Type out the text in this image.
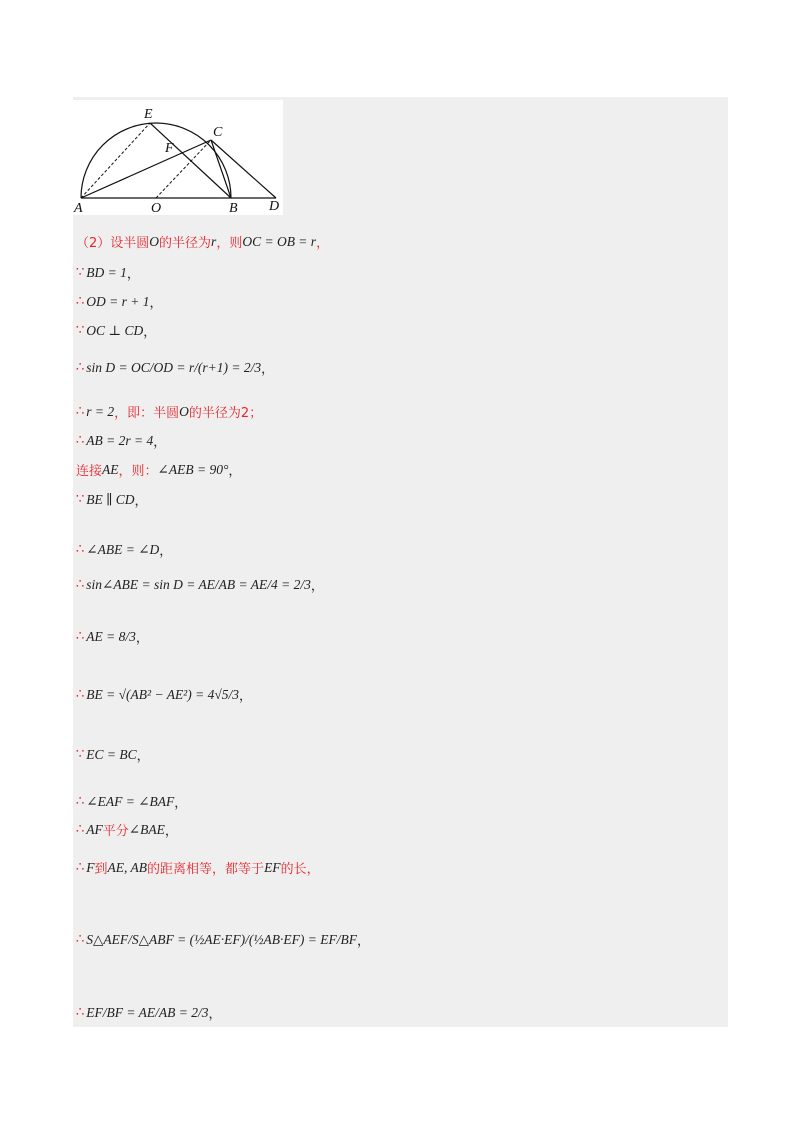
E
C
F
A	O	B D
（2）设半圆 O 的半径为 r ，则 OC = OB = r ，
∵ BD = 1 ，
∴ OD = r + 1 ，
∵ OC ⊥ CD ，
∴ sin D = OC/OD = r/(r+1) = 2/3 ，
∴ r = 2 ，即：半圆 O 的半径为2；
∴ AB = 2r = 4 ，
连接 AE ，则： ∠AEB = 90° ，
∵ BE ∥ CD ，
∴ ∠ABE = ∠D ，
∴ sin∠ABE = sin D = AE/AB = AE/4 = 2/3 ，
∴ AE = 8/3 ，
∴ BE = √(AB² − AE²) = 4√5/3 ，
∵ EC = BC ，
∴ ∠EAF = ∠BAF ，
∴ AF 平分 ∠BAE ，
∴ F 到 AE, AB 的距离相等，都等于 EF 的长，
∴ S△AEF/S△ABF = (½AE·EF)/(½AB·EF) = EF/BF ，
∴ EF/BF = AE/AB = 2/3 ，
